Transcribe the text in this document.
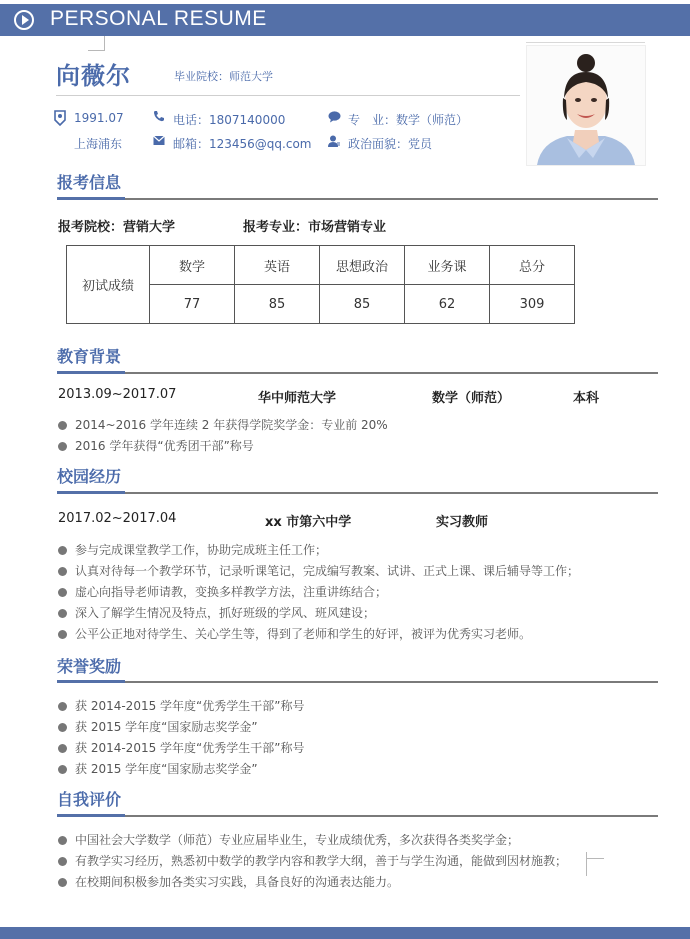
PERSONAL RESUME
向薇尔	毕业院校：师范大学
1991.07
上海浦东
电话：1807140000
邮箱：123456@qq.com
专　业：数学（师范）
政治面貌：党员
报考信息
报考院校：营销大学	报考专业：市场营销专业
初试成绩	数学	英语	思想政治	业务课	总分
	77	85	85	62	309
教育背景
2013.09~2017.07	华中师范大学	数学（师范）	本科
2014~2016 学年连续 2 年获得学院奖学金：专业前 20%
2016 学年获得“优秀团干部”称号
校园经历
2017.02~2017.04	xx 市第六中学	实习教师
参与完成课堂教学工作，协助完成班主任工作；
认真对待每一个教学环节，记录听课笔记，完成编写教案、试讲、正式上课、课后辅导等工作；
虚心向指导老师请教，变换多样教学方法，注重讲练结合；
深入了解学生情况及特点，抓好班级的学风、班风建设；
公平公正地对待学生、关心学生等，得到了老师和学生的好评，被评为优秀实习老师。
荣誉奖励
获 2014-2015 学年度“优秀学生干部”称号
获 2015 学年度“国家励志奖学金”
获 2014-2015 学年度“优秀学生干部”称号
获 2015 学年度“国家励志奖学金”
自我评价
中国社会大学数学（师范）专业应届毕业生，专业成绩优秀，多次获得各类奖学金；
有教学实习经历，熟悉初中数学的教学内容和教学大纲，善于与学生沟通，能做到因材施教；
在校期间积极参加各类实习实践，具备良好的沟通表达能力。
